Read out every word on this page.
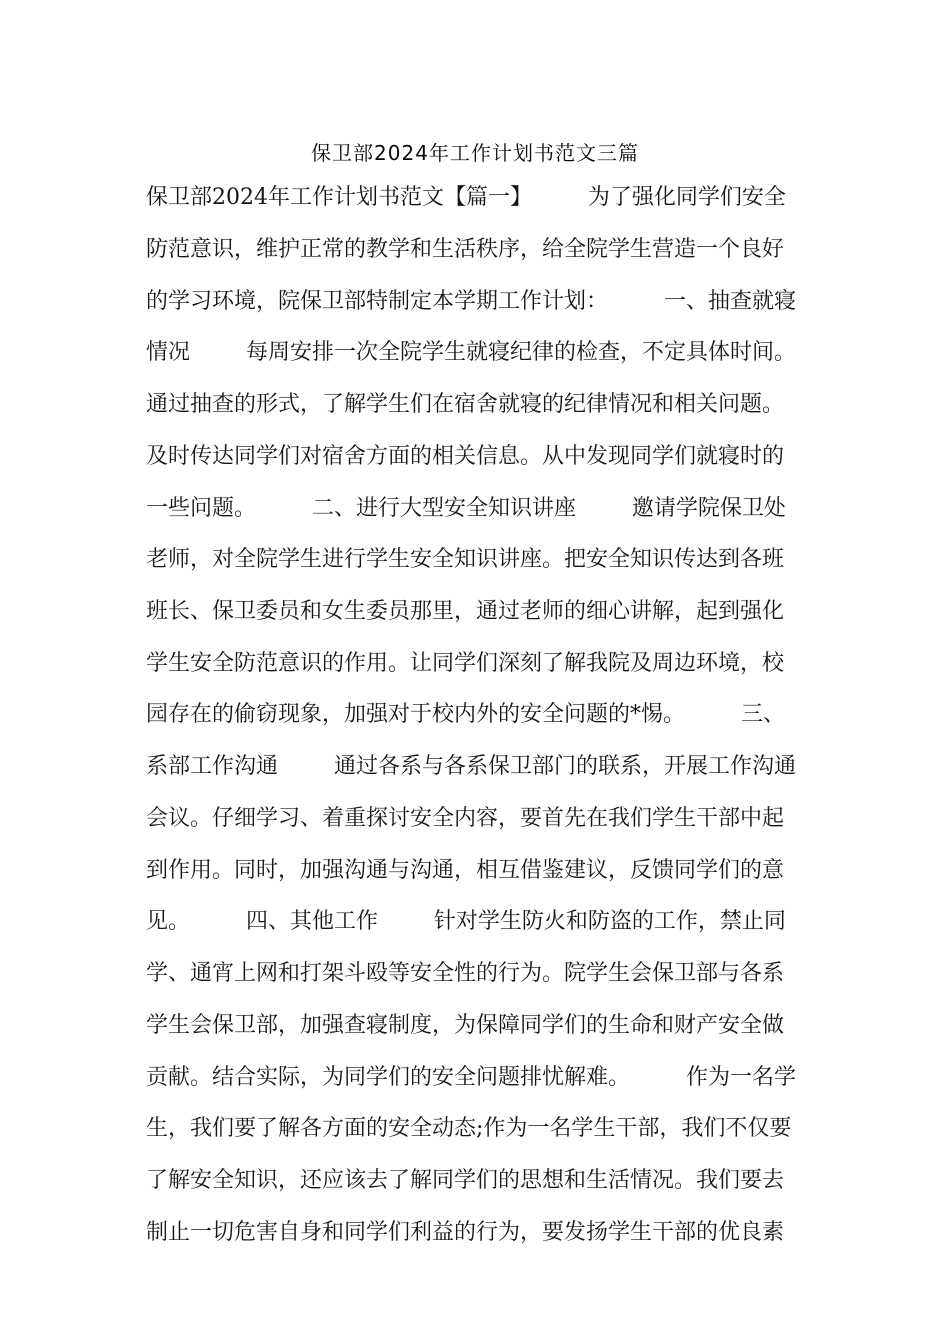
保卫部2024年工作计划书范文三篇
保卫部2024年工作计划书范文【篇一】        为了强化同学们安全
防范意识，维护正常的教学和生活秩序，给全院学生营造一个良好
的学习环境，院保卫部特制定本学期工作计划：        一、抽查就寝
情况        每周安排一次全院学生就寝纪律的检查，不定具体时间。
通过抽查的形式，了解学生们在宿舍就寝的纪律情况和相关问题。
及时传达同学们对宿舍方面的相关信息。从中发现同学们就寝时的
一些问题。        二、进行大型安全知识讲座        邀请学院保卫处
老师，对全院学生进行学生安全知识讲座。把安全知识传达到各班
班长、保卫委员和女生委员那里，通过老师的细心讲解，起到强化
学生安全防范意识的作用。让同学们深刻了解我院及周边环境，校
园存在的偷窃现象，加强对于校内外的安全问题的*惕。        三、
系部工作沟通        通过各系与各系保卫部门的联系，开展工作沟通
会议。仔细学习、着重探讨安全内容，要首先在我们学生干部中起
到作用。同时，加强沟通与沟通，相互借鉴建议，反馈同学们的意
见。        四、其他工作        针对学生防火和防盗的工作，禁止同
学、通宵上网和打架斗殴等安全性的行为。院学生会保卫部与各系
学生会保卫部，加强查寝制度，为保障同学们的生命和财产安全做
贡献。结合实际，为同学们的安全问题排忧解难。        作为一名学
生，我们要了解各方面的安全动态;作为一名学生干部，我们不仅要
了解安全知识，还应该去了解同学们的思想和生活情况。我们要去
制止一切危害自身和同学们利益的行为，要发扬学生干部的优良素
